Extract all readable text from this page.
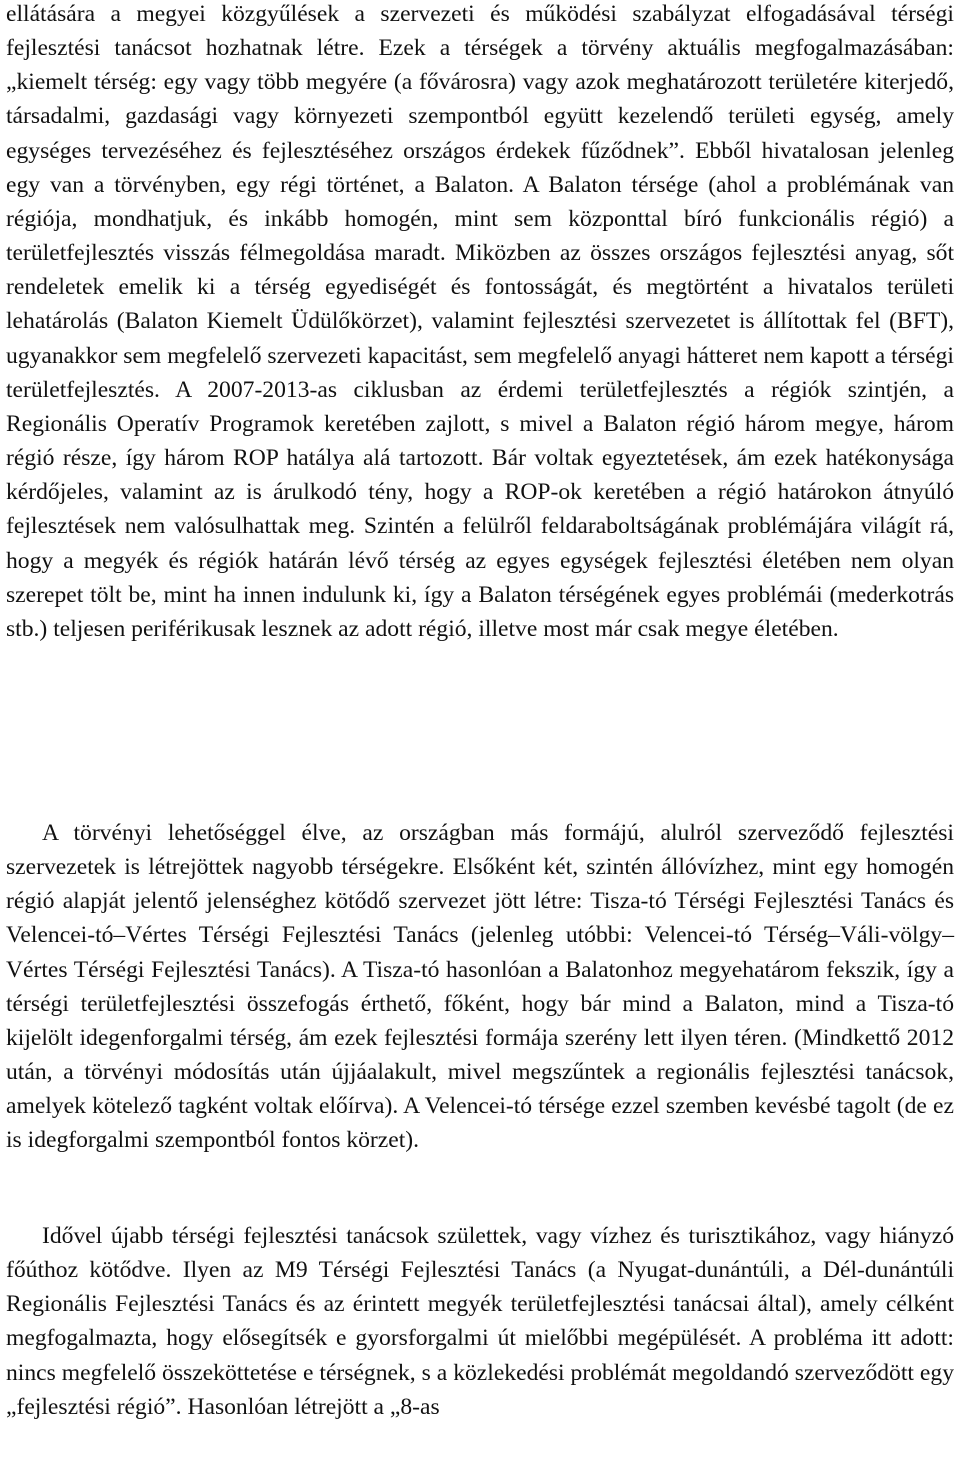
ellátására a megyei közgyűlések a szervezeti és működési szabályzat elfogadásával térségi fejlesztési tanácsot hozhatnak létre. Ezek a térségek a törvény aktuális megfogalmazásában: „kiemelt térség: egy vagy több megyére (a fővárosra) vagy azok meghatározott területére kiterjedő, társadalmi, gazdasági vagy környezeti szempontból együtt kezelendő területi egység, amely egységes tervezéséhez és fejlesztéséhez országos érdekek fűződnek”. Ebből hivatalosan jelenleg egy van a törvényben, egy régi történet, a Balaton. A Balaton térsége (ahol a problémának van régiója, mondhatjuk, és inkább homogén, mint sem központtal bíró funkcionális régió) a területfejlesztés visszás félmegoldása maradt. Miközben az összes országos fejlesztési anyag, sőt rendeletek emelik ki a térség egyediségét és fontosságát, és megtörtént a hivatalos területi lehatárolás (Balaton Kiemelt Üdülőkörzet), valamint fejlesztési szervezetet is állítottak fel (BFT), ugyanakkor sem megfelelő szervezeti kapacitást, sem megfelelő anyagi hátteret nem kapott a térségi területfejlesztés. A 2007-2013-as ciklusban az érdemi területfejlesztés a régiók szintjén, a Regionális Operatív Programok keretében zajlott, s mivel a Balaton régió három megye, három régió része, így három ROP hatálya alá tartozott. Bár voltak egyeztetések, ám ezek hatékonysága kérdőjeles, valamint az is árulkodó tény, hogy a ROP-ok keretében a régió határokon átnyúló fejlesztések nem valósulhattak meg. Szintén a felülről feldaraboltságának problémájára világít rá, hogy a megyék és régiók határán lévő térség az egyes egységek fejlesztési életében nem olyan szerepet tölt be, mint ha innen indulunk ki, így a Balaton térségének egyes problémái (mederkotrás stb.) teljesen periférikusak lesznek az adott régió, illetve most már csak megye életében.

A törvényi lehetőséggel élve, az országban más formájú, alulról szerveződő fejlesztési szervezetek is létrejöttek nagyobb térségekre. Elsőként két, szintén állóvízhez, mint egy homogén régió alapját jelentő jelenséghez kötődő szervezet jött létre: Tisza-tó Térségi Fejlesztési Tanács és Velencei-tó–Vértes Térségi Fejlesztési Tanács (jelenleg utóbbi: Velencei-tó Térség–Váli-völgy–Vértes Térségi Fejlesztési Tanács). A Tisza-tó hasonlóan a Balatonhoz megyehatárom fekszik, így a térségi területfejlesztési összefogás érthető, főként, hogy bár mind a Balaton, mind a Tisza-tó kijelölt idegenforgalmi térség, ám ezek fejlesztési formája szerény lett ilyen téren. (Mindkettő 2012 után, a törvényi módosítás után újjáalakult, mivel megszűntek a regionális fejlesztési tanácsok, amelyek kötelező tagként voltak előírva). A Velencei-tó térsége ezzel szemben kevésbé tagolt (de ez is idegforgalmi szempontból fontos körzet).

Idővel újabb térségi fejlesztési tanácsok születtek, vagy vízhez és turisztikához, vagy hiányzó főúthoz kötődve. Ilyen az M9 Térségi Fejlesztési Tanács (a Nyugat-dunántúli, a Dél-dunántúli Regionális Fejlesztési Tanács és az érintett megyék területfejlesztési tanácsai által), amely célként megfogalmazta, hogy elősegítsék e gyorsforgalmi út mielőbbi megépülését. A probléma itt adott: nincs megfelelő összeköttetése e térségnek, s a közlekedési problémát megoldandó szerveződött egy „fejlesztési régió”. Hasonlóan létrejött a „8-as
